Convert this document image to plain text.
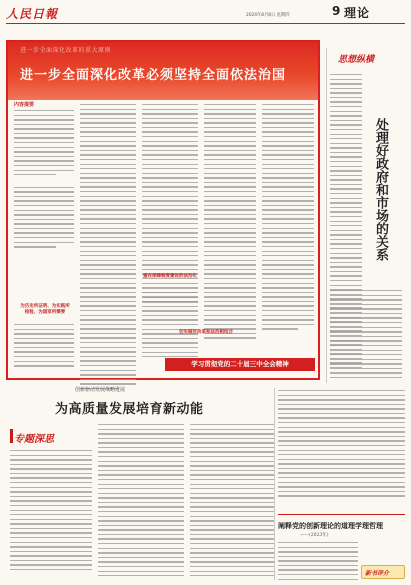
人民日報	2024年8月8日 星期四	9 理论
进一步全面深化改革的重大原则
进一步全面深化改革必须坚持全面依法治国
内容提要
为历史所证明、为实践所检验、为国家所需要
重在保障制度建设的法治化
切实做好改革和法治相结合
学习贯彻党的二十届三中全会精神
思想纵横
处理好政府和市场的关系
创新驱动发展战略进展
为高质量发展培育新动能
专题深思
阐释党的创新理论的道理学理哲理
——(2023年)
新书评介
